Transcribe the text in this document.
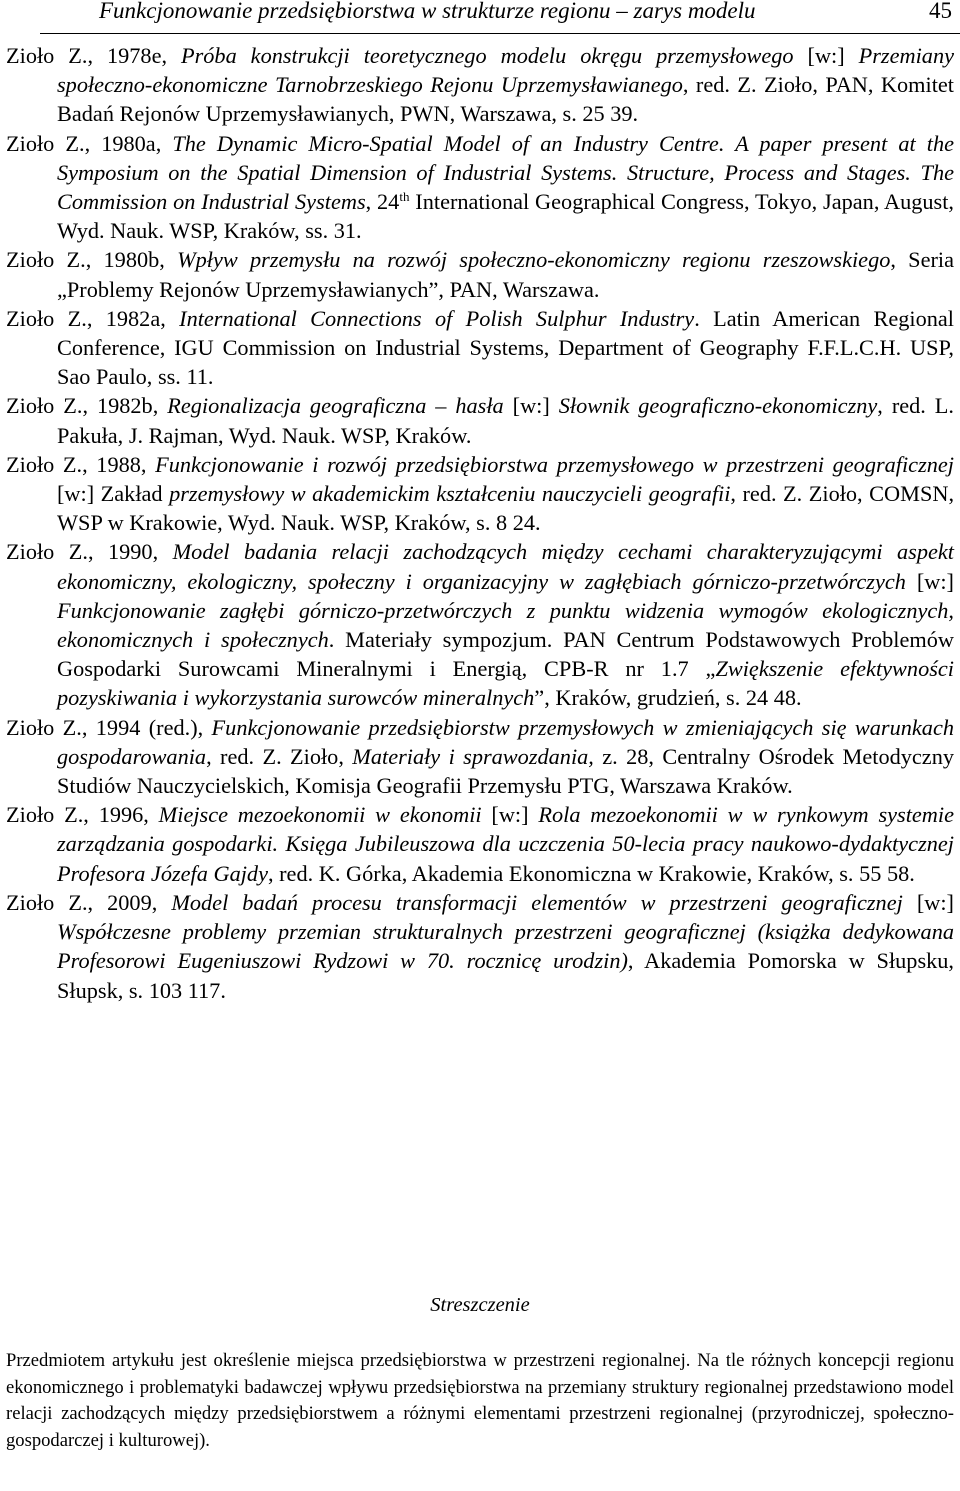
Funkcjonowanie przedsiębiorstwa w strukturze regionu – zarys modelu	45

Zioło Z., 1978e, Próba konstrukcji teoretycznego modelu okręgu przemysłowego [w:] Przemiany społeczno-ekonomiczne Tarnobrzeskiego Rejonu Uprzemysławianego, red. Z. Zioło, PAN, Komitet Badań Rejonów Uprzemysławianych, PWN, Warszawa, s. 25 39.

Zioło Z., 1980a, The Dynamic Micro-Spatial Model of an Industry Centre. A paper present at the Symposium on the Spatial Dimension of Industrial Systems. Structure, Process and Stages. The Commission on Industrial Systems, 24th International Geographical Congress, Tokyo, Japan, August, Wyd. Nauk. WSP, Kraków, ss. 31.

Zioło Z., 1980b, Wpływ przemysłu na rozwój społeczno-ekonomiczny regionu rzeszowskiego, Seria „Problemy Rejonów Uprzemysławianych”, PAN, Warszawa.

Zioło Z., 1982a, International Connections of Polish Sulphur Industry. Latin American Regional Conference, IGU Commission on Industrial Systems, Department of Geography F.F.L.C.H. USP, Sao Paulo, ss. 11.

Zioło Z., 1982b, Regionalizacja geograficzna – hasła [w:] Słownik geograficzno-ekonomiczny, red. L. Pakuła, J. Rajman, Wyd. Nauk. WSP, Kraków.

Zioło Z., 1988, Funkcjonowanie i rozwój przedsiębiorstwa przemysłowego w przestrzeni geograficznej [w:] Zakład przemysłowy w akademickim kształceniu nauczycieli geografii, red. Z. Zioło, COMSN, WSP w Krakowie, Wyd. Nauk. WSP, Kraków, s. 8 24.

Zioło Z., 1990, Model badania relacji zachodzących między cechami charakteryzującymi aspekt ekonomiczny, ekologiczny, społeczny i organizacyjny w zagłębiach górniczo-przetwórczych [w:] Funkcjonowanie zagłębi górniczo-przetwórczych z punktu widzenia wymogów ekologicznych, ekonomicznych i społecznych. Materiały sympozjum. PAN Centrum Podstawowych Problemów Gospodarki Surowcami Mineralnymi i Energią, CPB-R nr 1.7 „Zwiększenie efektywności pozyskiwania i wykorzystania surowców mineralnych”, Kraków, grudzień, s. 24 48.

Zioło Z., 1994 (red.), Funkcjonowanie przedsiębiorstw przemysłowych w zmieniających się warunkach gospodarowania, red. Z. Zioło, Materiały i sprawozdania, z. 28, Centralny Ośrodek Metodyczny Studiów Nauczycielskich, Komisja Geografii Przemysłu PTG, Warszawa Kraków.

Zioło Z., 1996, Miejsce mezoekonomii w ekonomii [w:] Rola mezoekonomii w w rynkowym systemie zarządzania gospodarki. Księga Jubileuszowa dla uczczenia 50-lecia pracy naukowo-dydaktycznej Profesora Józefa Gajdy, red. K. Górka, Akademia Ekonomiczna w Krakowie, Kraków, s. 55 58.

Zioło Z., 2009, Model badań procesu transformacji elementów w przestrzeni geograficznej [w:] Współczesne problemy przemian strukturalnych przestrzeni geograficznej (książka dedykowana Profesorowi Eugeniuszowi Rydzowi w 70. rocznicę urodzin), Akademia Pomorska w Słupsku, Słupsk, s. 103 117.

Streszczenie

Przedmiotem artykułu jest określenie miejsca przedsiębiorstwa w przestrzeni regionalnej. Na tle różnych koncepcji regionu ekonomicznego i problematyki badawczej wpływu przedsiębiorstwa na przemiany struktury regionalnej przedstawiono model relacji zachodzących między przedsiębiorstwem a różnymi elementami przestrzeni regionalnej (przyrodniczej, społeczno-gospodarczej i kulturowej).
